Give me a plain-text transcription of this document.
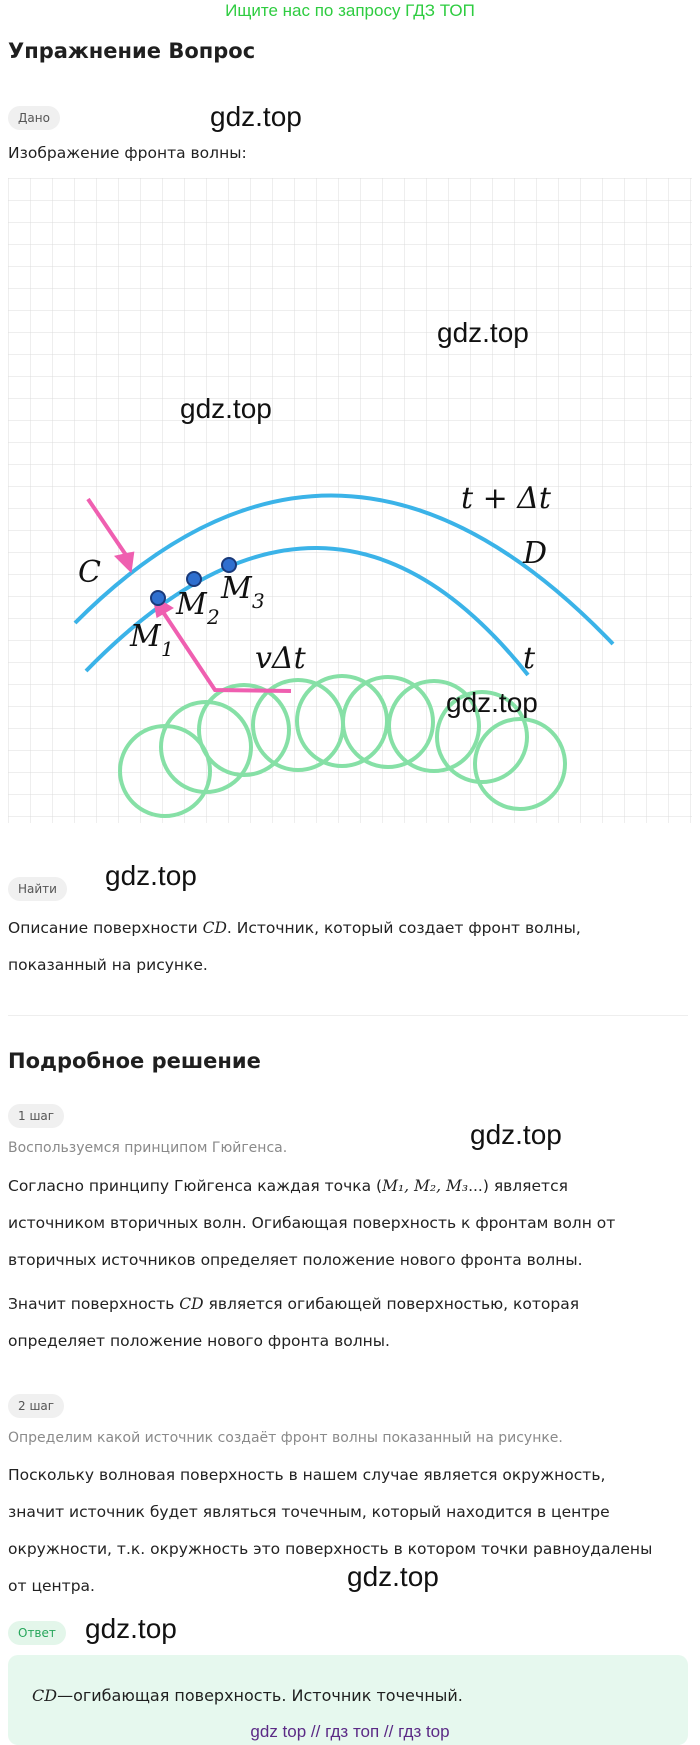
Ищите нас по запросу ГДЗ ТОП
Упражнение Вопрос
Дано	gdz.top
Изображение фронта волны:
t + Δt
C
D
M 1
M 2
M 3
vΔt	t
gdz.top
gdz.top
gdz.top
Найти	gdz.top
Описание поверхности CD. Источник, который создает фронт волны,
показанный на рисунке.
Подробное решение
1 шаг
gdz.top
Воспользуемся принципом Гюйгенса.
Согласно принципу Гюйгенса каждая точка (M₁, M₂, M₃...) является
источником вторичных волн. Огибающая поверхность к фронтам волн от
вторичных источников определяет положение нового фронта волны.
Значит поверхность CD является огибающей поверхностью, которая
определяет положение нового фронта волны.
2 шаг
Определим какой источник создаёт фронт волны показанный на рисунке.
Поскольку волновая поверхность в нашем случае является окружность,
значит источник будет являться точечным, который находится в центре
окружности, т.к. окружность это поверхность в котором точки равноудалены
от центра.	gdz.top
Ответ	gdz.top
CD—огибающая поверхность. Источник точечный.
gdz top // гдз топ // гдз top
